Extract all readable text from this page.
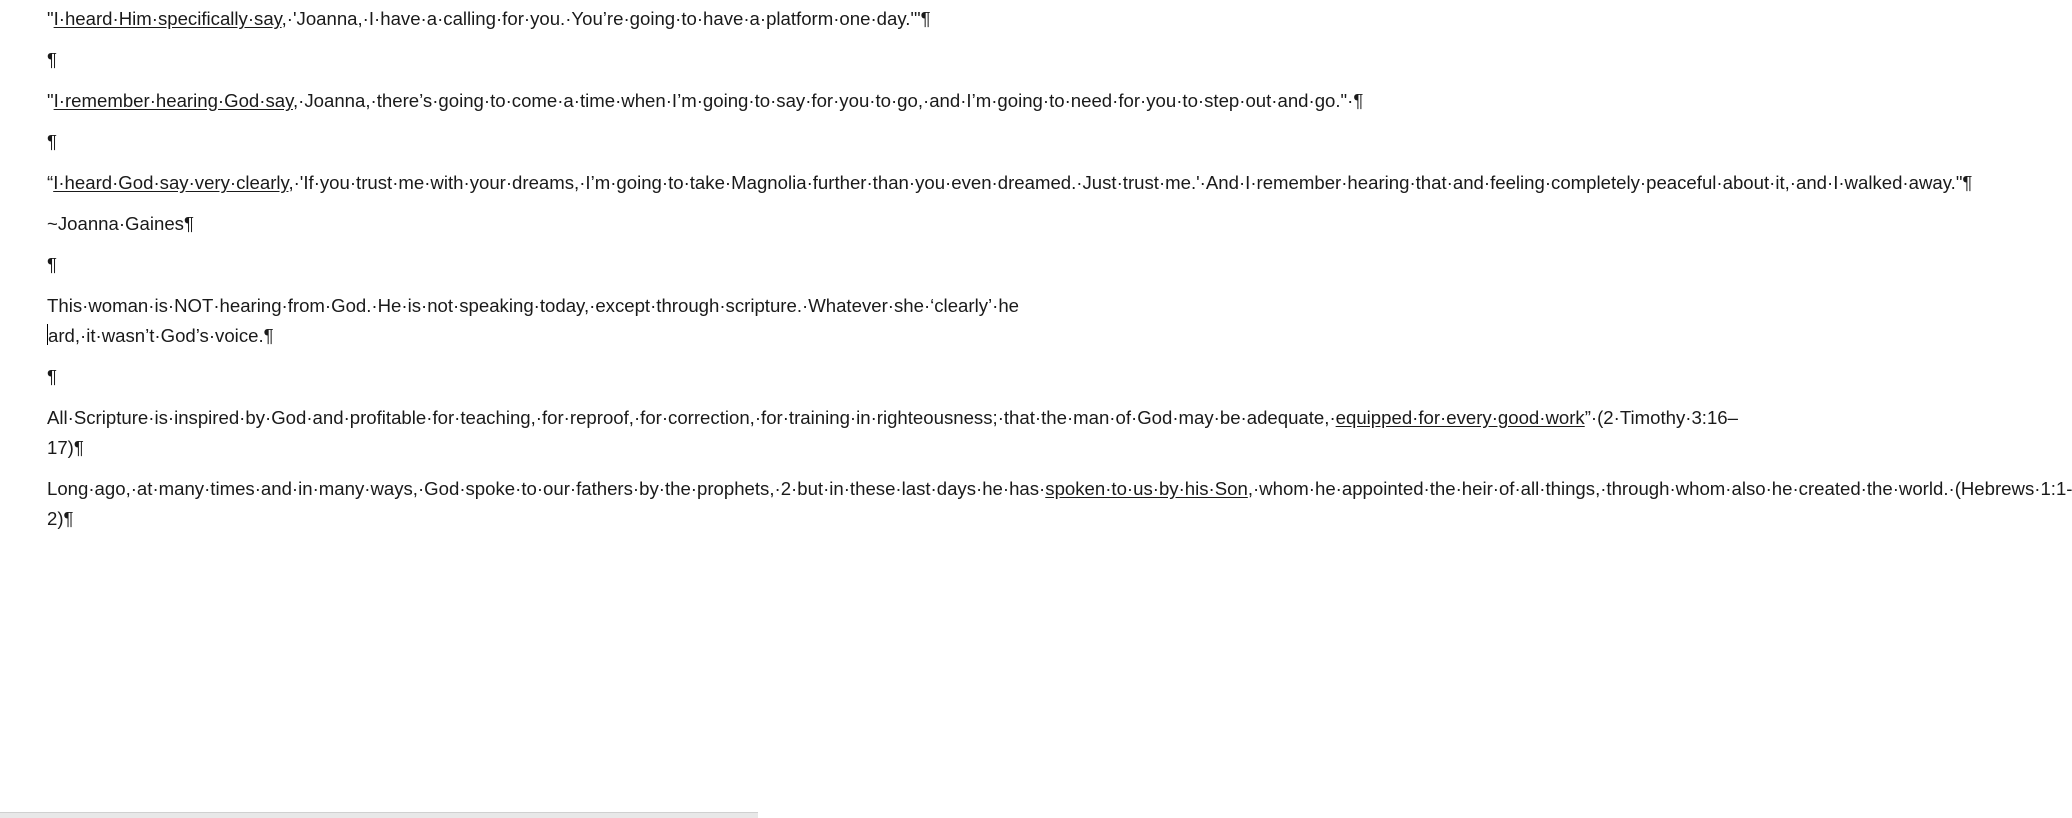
"I·heard·Him·specifically·say,·'Joanna,·I·have·a·calling·for·you.·You’re·going·to·have·a·platform·one·day.'"¶

¶

"I·remember·hearing·God·say,·Joanna,·there’s·going·to·come·a·time·when·I’m·going·to·say·for·you·to·go,·and·I’m·going·to·need·for·you·to·step·out·and·go."·¶

¶

“I·heard·God·say·very·clearly,·'If·you·trust·me·with·your·dreams,·I’m·going·to·take·Magnolia·further·than·you·even·dreamed.·Just·trust·me.'·And·I·remember·hearing·that·and·feeling·completely·peaceful·about·it,·and·I·walked·away."¶

~Joanna·Gaines¶

¶

This·woman·is·NOT·hearing·from·God.·He·is·not·speaking·today,·except·through·scripture.·Whatever·she·‘clearly’·heard,·it·wasn’t·God’s·voice.¶

¶

All·Scripture·is·inspired·by·God·and·profitable·for·teaching,·for·reproof,·for·correction,·for·training·in·righteousness;·that·the·man·of·God·may·be·adequate,·equipped·for·every·good·work”·(2·Timothy·3:16–17)¶

Long·ago,·at·many·times·and·in·many·ways,·God·spoke·to·our·fathers·by·the·prophets,·2·but·in·these·last·days·he·has·spoken·to·us·by·his·Son,·whom·he·appointed·the·heir·of·all·things,·through·whom·also·he·created·the·world.·(Hebrews·1:1-2)¶
